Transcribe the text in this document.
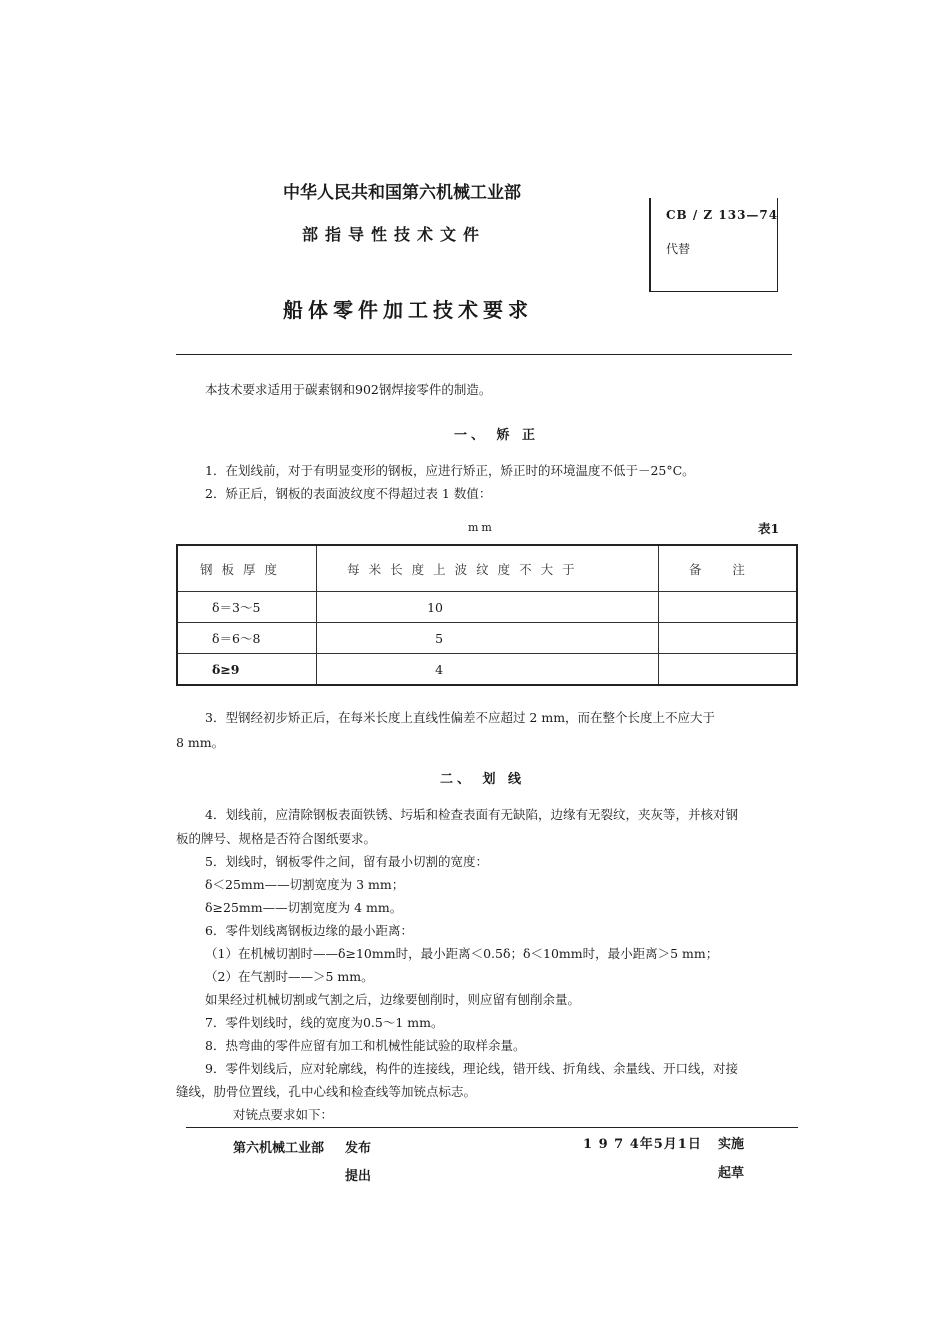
中华人民共和国第六机械工业部
部指导性技术文件
船体零件加工技术要求
CB / Z 133—74
代替
本技术要求适用于碳素钢和902钢焊接零件的制造。
一、 矫 正
1．在划线前，对于有明显变形的钢板，应进行矫正，矫正时的环境温度不低于－25°C。
2．矫正后，钢板的表面波纹度不得超过表 1 数值：
mm	表1
钢板厚度	每米长度上波纹度不大于	备　　注
δ＝3～5	10	
δ＝6～8	5	
δ≥9	4	
3．型钢经初步矫正后，在每米长度上直线性偏差不应超过 2 mm，而在整个长度上不应大于
8 mm。
二、 划 线
4．划线前，应清除钢板表面铁锈、圬垢和检查表面有无缺陷，边缘有无裂纹，夹灰等，并核对钢
板的牌号、规格是否符合图纸要求。
5．划线时，钢板零件之间，留有最小切割的宽度：
δ＜25mm——切割宽度为 3 mm；
δ≥25mm——切割宽度为 4 mm。
6．零件划线离钢板边缘的最小距离：
（1）在机械切割时——δ≥10mm时，最小距离＜0.5δ；δ＜10mm时，最小距离＞5 mm；
（2）在气割时——＞5 mm。
如果经过机械切割或气割之后，边缘要刨削时，则应留有刨削余量。
7．零件划线时，线的宽度为0.5～1 mm。
8．热弯曲的零件应留有加工和机械性能试验的取样余量。
9．零件划线后，应对轮廓线，构件的连接线，理论线，错开线、折角线、余量线、开口线，对接
缝线，肋骨位置线，孔中心线和检查线等加铳点标志。
对铳点要求如下：
第六机械工业部 发布	1 9 7 4年5月1日 实施
提出	起草
